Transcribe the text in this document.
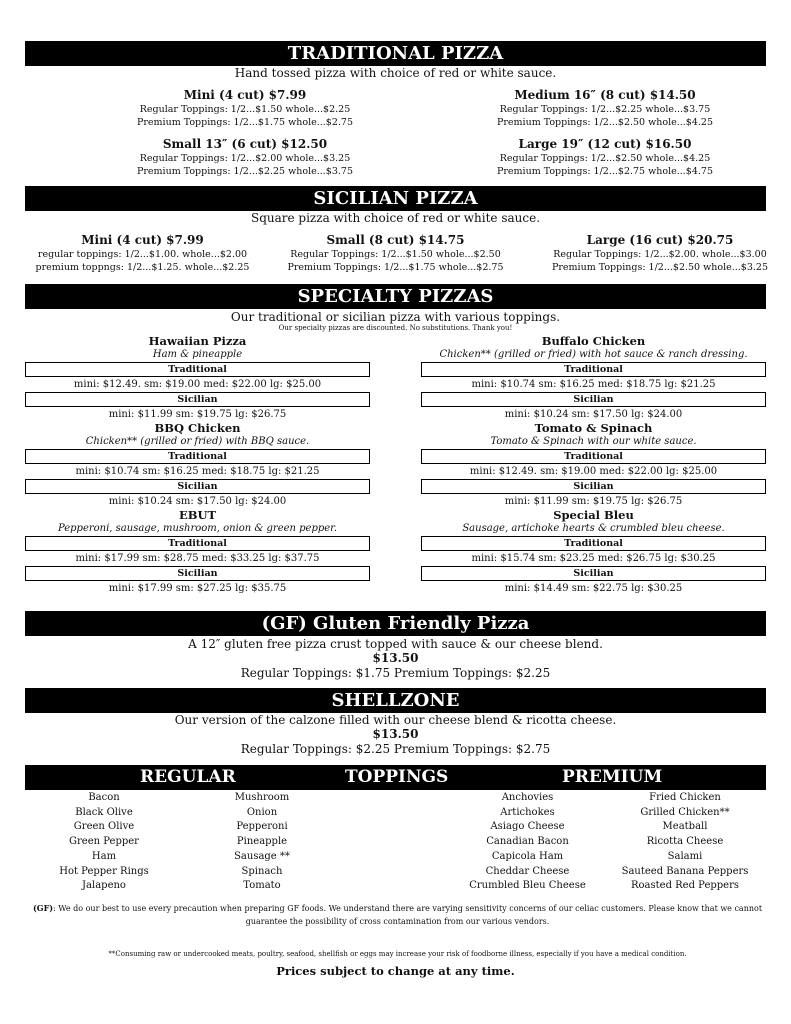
TRADITIONAL PIZZA
Hand tossed pizza with choice of red or white sauce.
Mini (4 cut) $7.99
Regular Toppings: 1/2...$1.50 whole...$2.25
Premium Toppings: 1/2...$1.75 whole...$2.75
Medium 16″ (8 cut) $14.50
Regular Toppings: 1/2...$2.25 whole...$3.75
Premium Toppings: 1/2...$2.50 whole...$4.25
Small 13″ (6 cut) $12.50
Regular Toppings: 1/2...$2.00 whole...$3.25
Premium Toppings: 1/2...$2.25 whole...$3.75
Large 19″ (12 cut) $16.50
Regular Toppings: 1/2...$2.50 whole...$4.25
Premium Toppings: 1/2...$2.75 whole...$4.75
SICILIAN PIZZA
Square pizza with choice of red or white sauce.
Mini (4 cut) $7.99
regular toppings: 1/2...$1.00. whole...$2.00
premium toppngs: 1/2...$1.25. whole...$2.25
Small (8 cut) $14.75
Regular Toppings: 1/2...$1.50 whole...$2.50
Premium Toppings: 1/2...$1.75 whole...$2.75
Large (16 cut) $20.75
Regular Toppings: 1/2...$2.00. whole...$3.00
Premium Toppings: 1/2...$2.50 whole...$3.25
SPECIALTY PIZZAS
Our traditional or sicilian pizza with various toppings.
Our specialty pizzas are discounted. No substitutions. Thank you!
Hawaiian Pizza
Ham & pineapple
Traditional
mini: $12.49. sm: $19.00 med: $22.00 lg: $25.00
Sicilian
mini: $11.99 sm: $19.75 lg: $26.75
BBQ Chicken
Chicken** (grilled or fried) with BBQ sauce.
Traditional
mini: $10.74 sm: $16.25 med: $18.75 lg: $21.25
Sicilian
mini: $10.24 sm: $17.50 lg: $24.00
EBUT
Pepperoni, sausage, mushroom, onion & green pepper.
Traditional
mini: $17.99 sm: $28.75 med: $33.25 lg: $37.75
Sicilian
mini: $17.99 sm: $27.25 lg: $35.75
Buffalo Chicken
Chicken** (grilled or fried) with hot sauce & ranch dressing.
Traditional
mini: $10.74 sm: $16.25 med: $18.75 lg: $21.25
Sicilian
mini: $10.24 sm: $17.50 lg: $24.00
Tomato & Spinach
Tomato & Spinach with our white sauce.
Traditional
mini: $12.49. sm: $19.00 med: $22.00 lg: $25.00
Sicilian
mini: $11.99 sm: $19.75 lg: $26.75
Special Bleu
Sausage, artichoke hearts & crumbled bleu cheese.
Traditional
mini: $15.74 sm: $23.25 med: $26.75 lg: $30.25
Sicilian
mini: $14.49 sm: $22.75 lg: $30.25
(GF) Gluten Friendly Pizza
A 12″ gluten free pizza crust topped with sauce & our cheese blend.
$13.50
Regular Toppings: $1.75 Premium Toppings: $2.25
SHELLZONE
Our version of the calzone filled with our cheese blend & ricotta cheese.
$13.50
Regular Toppings: $2.25 Premium Toppings: $2.75
REGULAR	TOPPINGS	PREMIUM
Bacon
Black Olive
Green Olive
Green Pepper
Ham
Hot Pepper Rings
Jalapeno
Mushroom
Onion
Pepperoni
Pineapple
Sausage **
Spinach
Tomato
Anchovies
Artichokes
Asiago Cheese
Canadian Bacon
Capicola Ham
Cheddar Cheese
Crumbled Bleu Cheese
Fried Chicken
Grilled Chicken**
Meatball
Ricotta Cheese
Salami
Sauteed Banana Peppers
Roasted Red Peppers
(GF): We do our best to use every precaution when preparing GF foods. We understand there are varying sensitivity concerns of our celiac customers. Please know that we cannot guarantee the possibility of cross contamination from our various vendors.
**Consuming raw or undercooked meats, poultry, seafood, shellfish or eggs may increase your risk of foodborne illness, especially if you have a medical condition.
Prices subject to change at any time.
